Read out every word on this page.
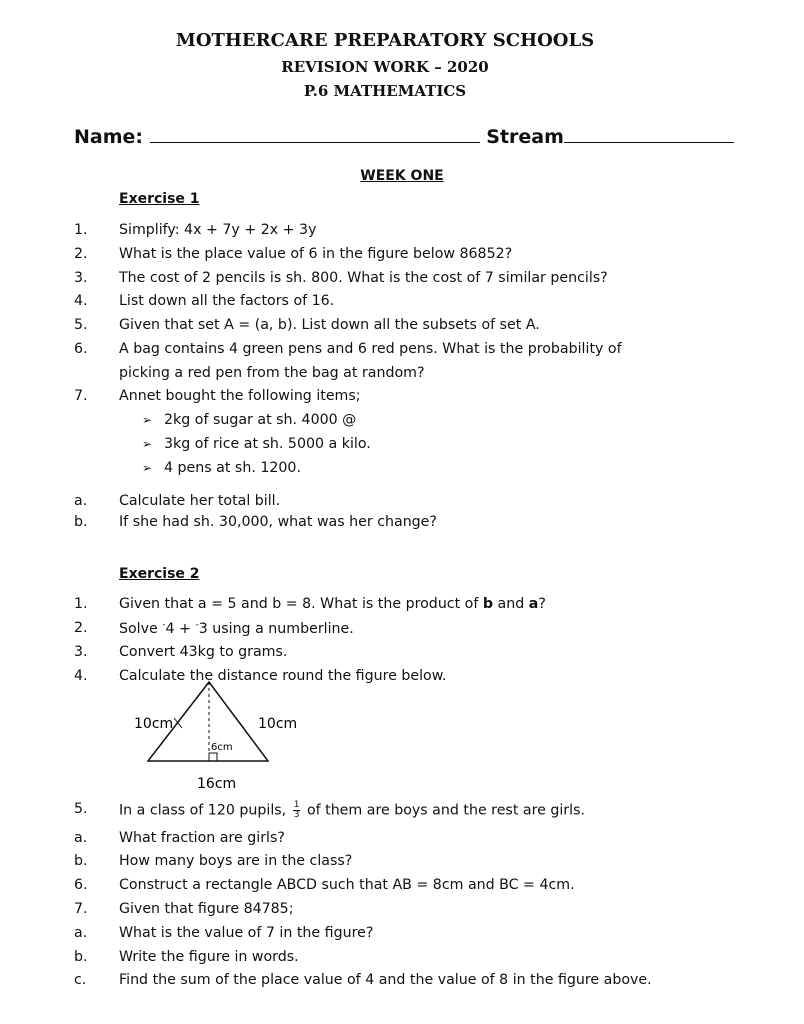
MOTHERCARE PREPARATORY SCHOOLS
REVISION WORK – 2020
P.6 MATHEMATICS
Name:	Stream
WEEK ONE
Exercise 1
1. Simplify: 4x + 7y + 2x + 3y
2. What is the place value of 6 in the figure below 86852?
3. The cost of 2 pencils is sh. 800. What is the cost of 7 similar pencils?
4. List down all the factors of 16.
5. Given that set A = (a, b). List down all the subsets of set A.
6. A bag contains 4 green pens and 6 red pens. What is the probability of
picking a red pen from the bag at random?
7. Annet bought the following items;
➢ 2kg of sugar at sh. 4000 @
➢ 3kg of rice at sh. 5000 a kilo.
➢ 4 pens at sh. 1200.
a. Calculate her total bill.
b. If she had sh. 30,000, what was her change?
Exercise 2
1. Given that a = 5 and b = 8. What is the product of b and a?
2. Solve -4 + -3 using a numberline.
3. Convert 43kg to grams.
4. Calculate the distance round the figure below.
10cm	10cm
6cm
16cm
5. In a class of 120 pupils, $\frac{1}{3}$ of them are boys and the rest are girls.
a. What fraction are girls?
b. How many boys are in the class?
6. Construct a rectangle ABCD such that AB = 8cm and BC = 4cm.
7. Given that figure 84785;
a. What is the value of 7 in the figure?
b. Write the figure in words.
c. Find the sum of the place value of 4 and the value of 8 in the figure above.
